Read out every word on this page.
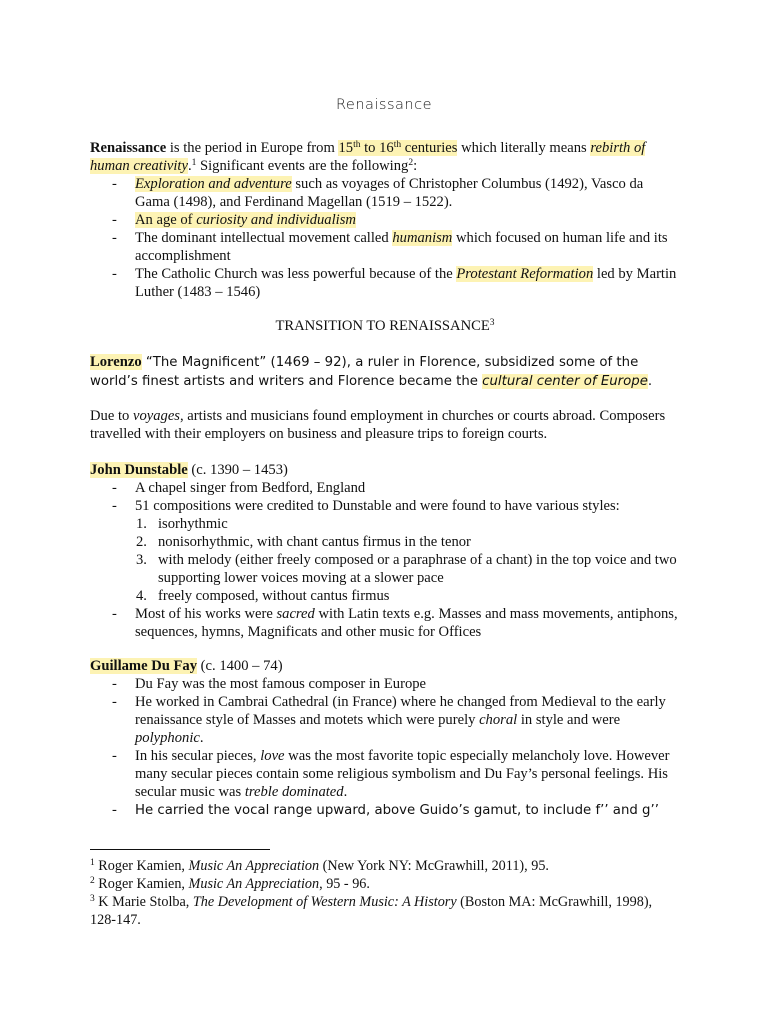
Renaissance

Renaissance is the period in Europe from 15th to 16th centuries which literally means rebirth of
human creativity.$^1$ Significant events are the following$^2$:

- Exploration and adventure such as voyages of Christopher Columbus (1492), Vasco da Gama (1498), and Ferdinand Magellan (1519 – 1522).
- An age of curiosity and individualism
- The dominant intellectual movement called humanism which focused on human life and its accomplishment
- The Catholic Church was less powerful because of the Protestant Reformation led by Martin Luther (1483 – 1546)
TRANSITION TO RENAISSANCE$^3$

Lorenzo “The Magnificent” (1469 – 92), a ruler in Florence, subsidized some of the world’s finest artists and writers and Florence became the cultural center of Europe.

Due to voyages, artists and musicians found employment in churches or courts abroad. Composers travelled with their employers on business and pleasure trips to foreign courts.

John Dunstable (c. 1390 – 1453)

- A chapel singer from Bedford, England
- 51 compositions were credited to Dunstable and were found to have various styles:
1. isorhythmic
2. nonisorhythmic, with chant cantus firmus in the tenor
3. with melody (either freely composed or a paraphrase of a chant) in the top voice and two supporting lower voices moving at a slower pace
4. freely composed, without cantus firmus
- Most of his works were sacred with Latin texts e.g. Masses and mass movements, antiphons, sequences, hymns, Magnificats and other music for Offices

Guillame Du Fay (c. 1400 – 74)

- Du Fay was the most famous composer in Europe
- He worked in Cambrai Cathedral (in France) where he changed from Medieval to the early renaissance style of Masses and motets which were purely choral in style and were polyphonic.
- In his secular pieces, love was the most favorite topic especially melancholy love. However many secular pieces contain some religious symbolism and Du Fay’s personal feelings. His secular music was treble dominated.
- He carried the vocal range upward, above Guido’s gamut, to include f’’ and g’’

$^1$ Roger Kamien, Music An Appreciation (New York NY: McGrawhill, 2011), 95.

$^2$ Roger Kamien, Music An Appreciation, 95 - 96.

$^3$ K Marie Stolba, The Development of Western Music: A History (Boston MA: McGrawhill, 1998), 128-147.
